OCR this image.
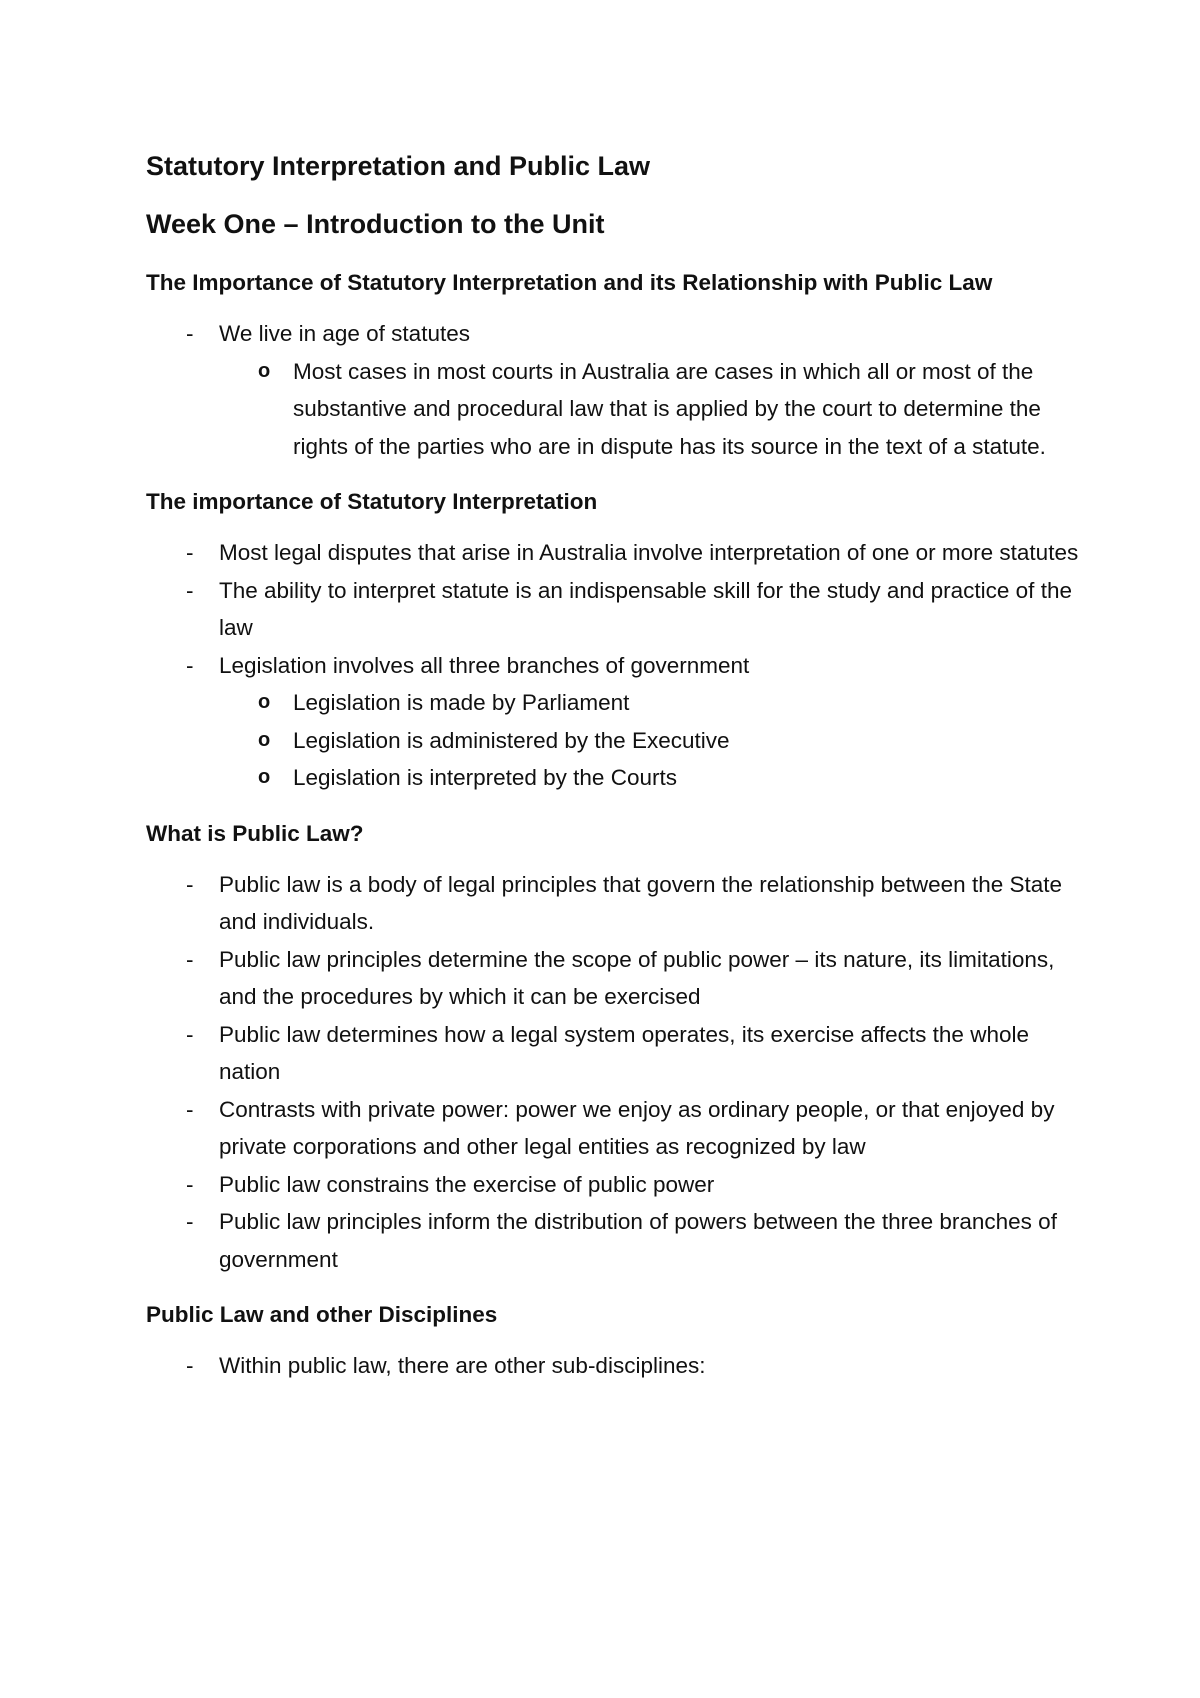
Statutory Interpretation and Public Law
Week One – Introduction to the Unit
The Importance of Statutory Interpretation and its Relationship with Public Law
- We live in age of statutes
o Most cases in most courts in Australia are cases in which all or most of the substantive and procedural law that is applied by the court to determine the rights of the parties who are in dispute has its source in the text of a statute.
The importance of Statutory Interpretation
- Most legal disputes that arise in Australia involve interpretation of one or more statutes
- The ability to interpret statute is an indispensable skill for the study and practice of the law
- Legislation involves all three branches of government
o Legislation is made by Parliament
o Legislation is administered by the Executive
o Legislation is interpreted by the Courts
What is Public Law?
- Public law is a body of legal principles that govern the relationship between the State and individuals.
- Public law principles determine the scope of public power – its nature, its limitations, and the procedures by which it can be exercised
- Public law determines how a legal system operates, its exercise affects the whole nation
- Contrasts with private power: power we enjoy as ordinary people, or that enjoyed by private corporations and other legal entities as recognized by law
- Public law constrains the exercise of public power
- Public law principles inform the distribution of powers between the three branches of government
Public Law and other Disciplines
- Within public law, there are other sub-disciplines:
